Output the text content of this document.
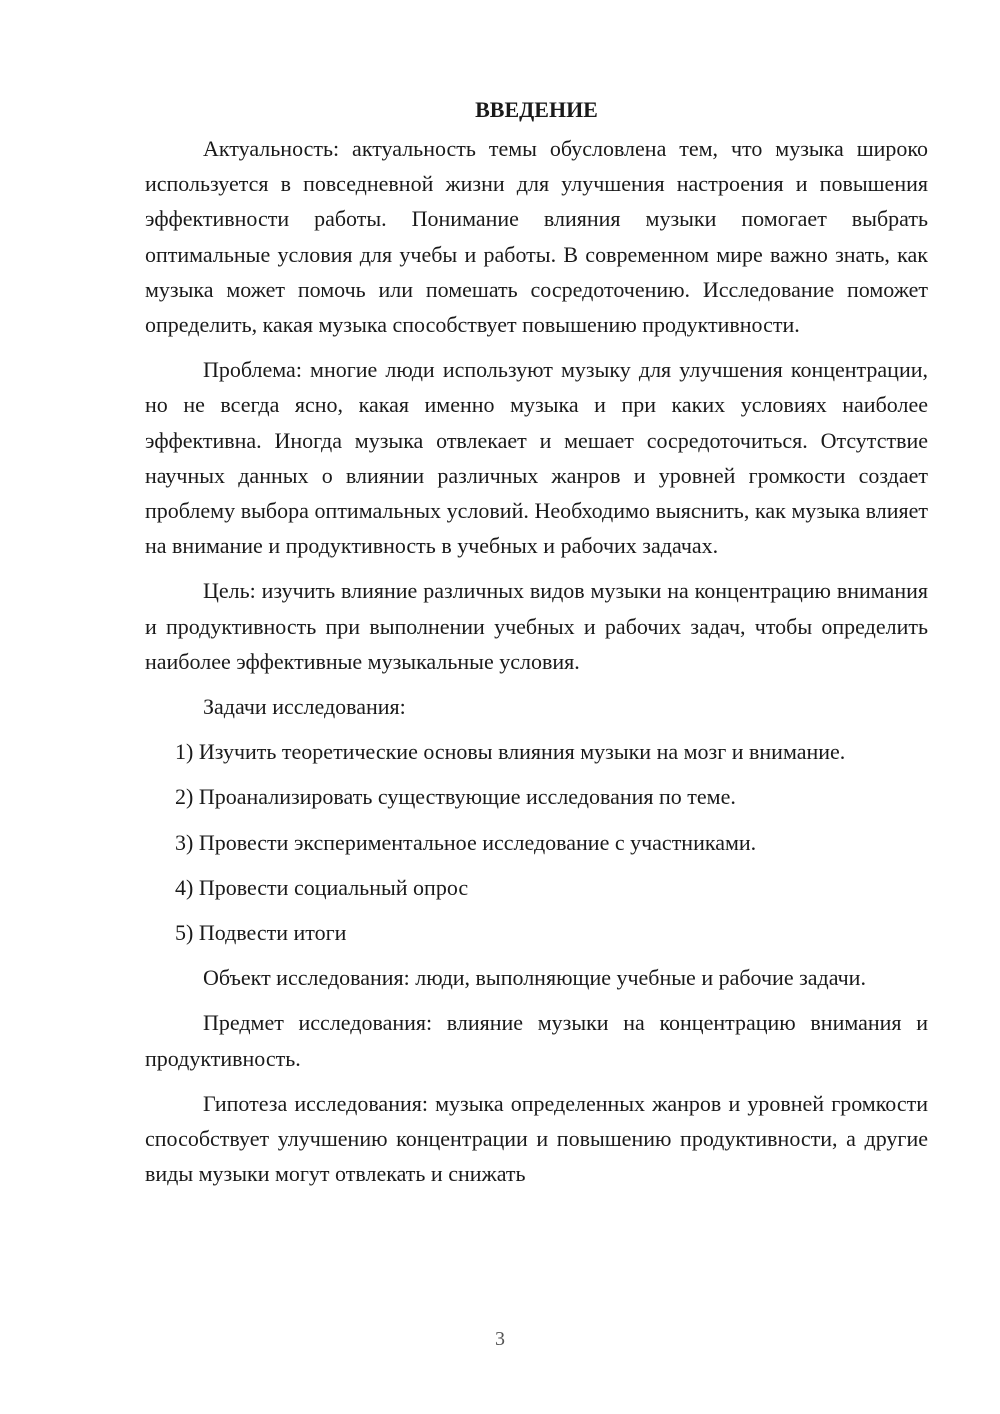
ВВЕДЕНИЕ

Актуальность: актуальность темы обусловлена тем, что музыка широко используется в повседневной жизни для улучшения настроения и повышения эффективности работы. Понимание влияния музыки помогает выбрать оптимальные условия для учебы и работы. В современном мире важно знать, как музыка может помочь или помешать сосредоточению. Исследование поможет определить, какая музыка способствует повышению продуктивности.

Проблема: многие люди используют музыку для улучшения концентрации, но не всегда ясно, какая именно музыка и при каких условиях наиболее эффективна. Иногда музыка отвлекает и мешает сосредоточиться. Отсутствие научных данных о влиянии различных жанров и уровней громкости создает проблему выбора оптимальных условий. Необходимо выяснить, как музыка влияет на внимание и продуктивность в учебных и рабочих задачах.

Цель: изучить влияние различных видов музыки на концентрацию внимания и продуктивность при выполнении учебных и рабочих задач, чтобы определить наиболее эффективные музыкальные условия.

Задачи исследования:
1) Изучить теоретические основы влияния музыки на мозг и внимание.
2) Проанализировать существующие исследования по теме.
3) Провести экспериментальное исследование с участниками.
4) Провести социальный опрос
5) Подвести итоги

Объект исследования: люди, выполняющие учебные и рабочие задачи.

Предмет исследования: влияние музыки на концентрацию внимания и продуктивность.

Гипотеза исследования: музыка определенных жанров и уровней громкости способствует улучшению концентрации и повышению продуктивности, а другие виды музыки могут отвлекать и снижать

3
